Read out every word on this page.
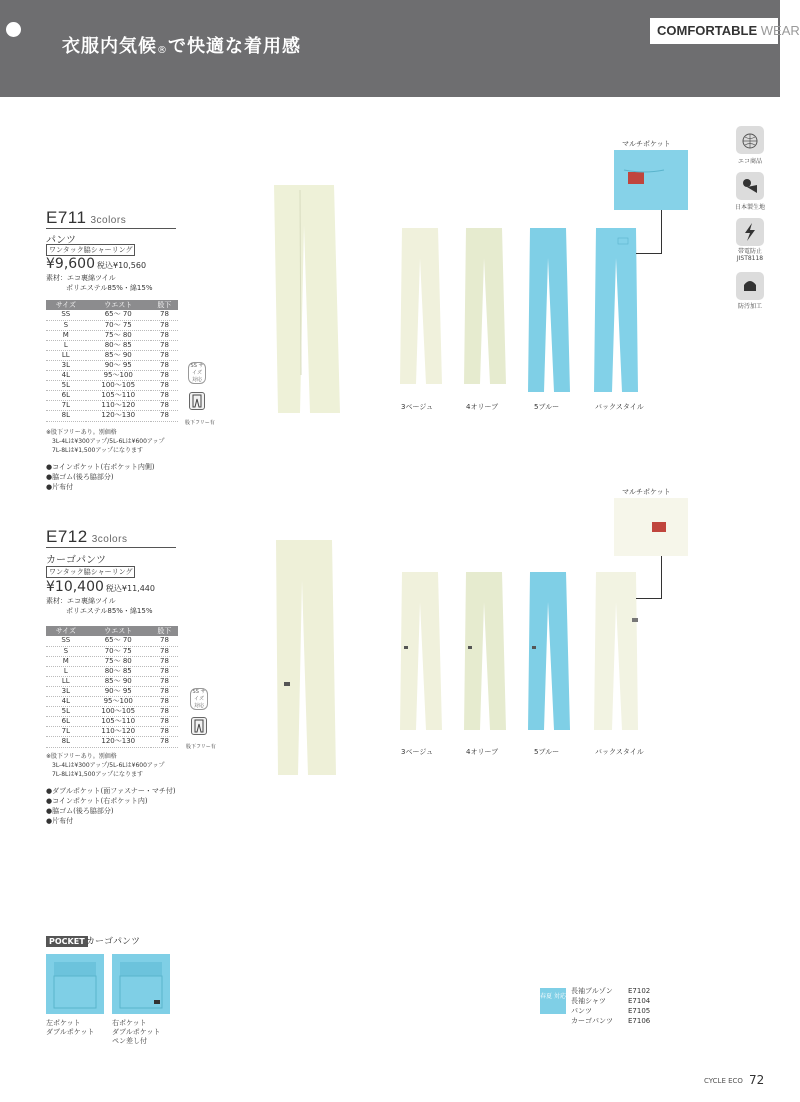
衣服内気候®で快適な着用感
COMFORTABLE WEAR
エコ商品
日本製生地
帯電防止 JIST8118
防汚加工
E711 3colors
パンツ
ワンタック脇シャーリング
¥9,600 税込¥10,560
素材：エコ裏綿ツイル
ポリエステル85%・綿15%
サイズ	ウエスト	股下
SS	65～ 70	78
S	70～ 75	78
M	75～ 80	78
L	80～ 85	78
LL	85～ 90	78
3L	90～ 95	78
4L	95～100	78
5L	100～105	78
6L	105～110	78
7L	110～120	78
8L	120～130	78
SS サイズ 対応
股下フリー有
※股下フリーあり。別価格
3L-4Lは¥300アップ/5L-6Lは¥600アップ
7L-8Lは¥1,500アップになります
●コインポケット(右ポケット内側)
●脇ゴム(後ろ脇部分)
●片布付
3ベージュ	4オリーブ	5ブルー	バックスタイル
マルチポケット
E712 3colors
カーゴパンツ
ワンタック脇シャーリング
¥10,400 税込¥11,440
素材：エコ裏綿ツイル
ポリエステル85%・綿15%
サイズ	ウエスト	股下
SS	65～ 70	78
S	70～ 75	78
M	75～ 80	78
L	80～ 85	78
LL	85～ 90	78
3L	90～ 95	78
4L	95～100	78
5L	100～105	78
6L	105～110	78
7L	110～120	78
8L	120～130	78
SS サイズ 対応
股下フリー有
※股下フリーあり。別価格
3L-4Lは¥300アップ/5L-6Lは¥600アップ
7L-8Lは¥1,500アップになります
●ダブルポケット(面ファスナー・マチ付)
●コインポケット(右ポケット内)
●脇ゴム(後ろ脇部分)
●片布付
3ベージュ	4オリーブ	5ブルー	バックスタイル
マルチポケット
POCKET カーゴパンツ
左ポケット
ダブルポケット
右ポケット
ダブルポケット
ペン差し付
春夏 対応
長袖ブルゾン E7102
長袖シャツ	E7104
パンツ	E7105
カーゴパンツ E7106
CYCLE ECO 72
